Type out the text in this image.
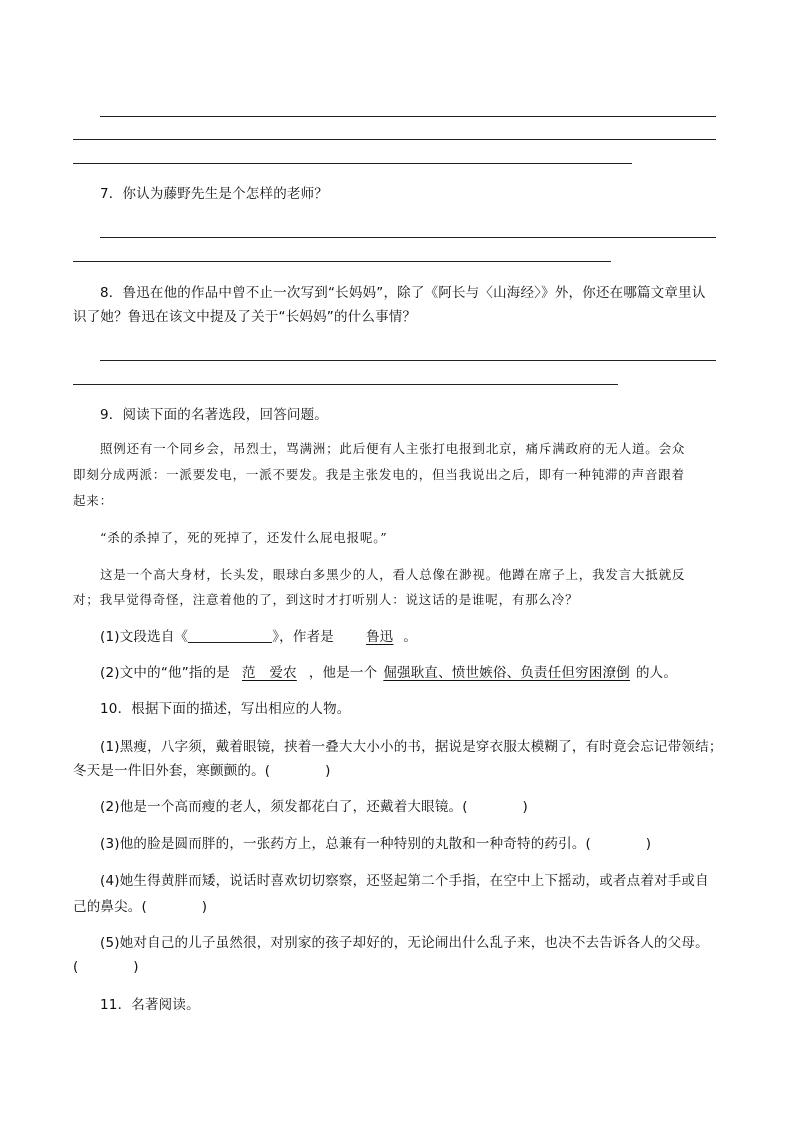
7．你认为藤野先生是个怎样的老师？
8．鲁迅在他的作品中曾不止一次写到“长妈妈”，除了《阿长与〈山海经〉》外，你还在哪篇文章里认
识了她？鲁迅在该文中提及了关于“长妈妈”的什么事情？
9．阅读下面的名著选段，回答问题。
照例还有一个同乡会，吊烈士，骂满洲；此后便有人主张打电报到北京，痛斥满政府的无人道。会众
即刻分成两派：一派要发电，一派不要发。我是主张发电的，但当我说出之后，即有一种钝滞的声音跟着
起来：
“杀的杀掉了，死的死掉了，还发什么屁电报呢。”
这是一个高大身材，长头发，眼球白多黑少的人，看人总像在渺视。他蹲在席子上，我发言大抵就反
对；我早觉得奇怪，注意着他的了，到这时才打听别人：说这话的是谁呢，有那么冷？
(1)文段选自《	》，作者是 鲁迅 。
(2)文中的“他”指的是 范　爱农 ，他是一个 倔强耿直、愤世嫉俗、负责任但穷困潦倒 的人。
10．根据下面的描述，写出相应的人物。
(1)黑瘦，八字须，戴着眼镜，挟着一叠大大小小的书，据说是穿衣服太模糊了，有时竟会忘记带领结；
冬天是一件旧外套，寒颤颤的。(　　　　)
(2)他是一个高而瘦的老人，须发都花白了，还戴着大眼镜。(　　　　)
(3)他的脸是圆而胖的，一张药方上，总兼有一种特别的丸散和一种奇特的药引。(　　　　)
(4)她生得黄胖而矮，说话时喜欢切切察察，还竖起第二个手指，在空中上下摇动，或者点着对手或自
己的鼻尖。(　　　　)
(5)她对自己的儿子虽然很，对别家的孩子却好的，无论闹出什么乱子来，也决不去告诉各人的父母。
(　　　　)
11．名著阅读。
